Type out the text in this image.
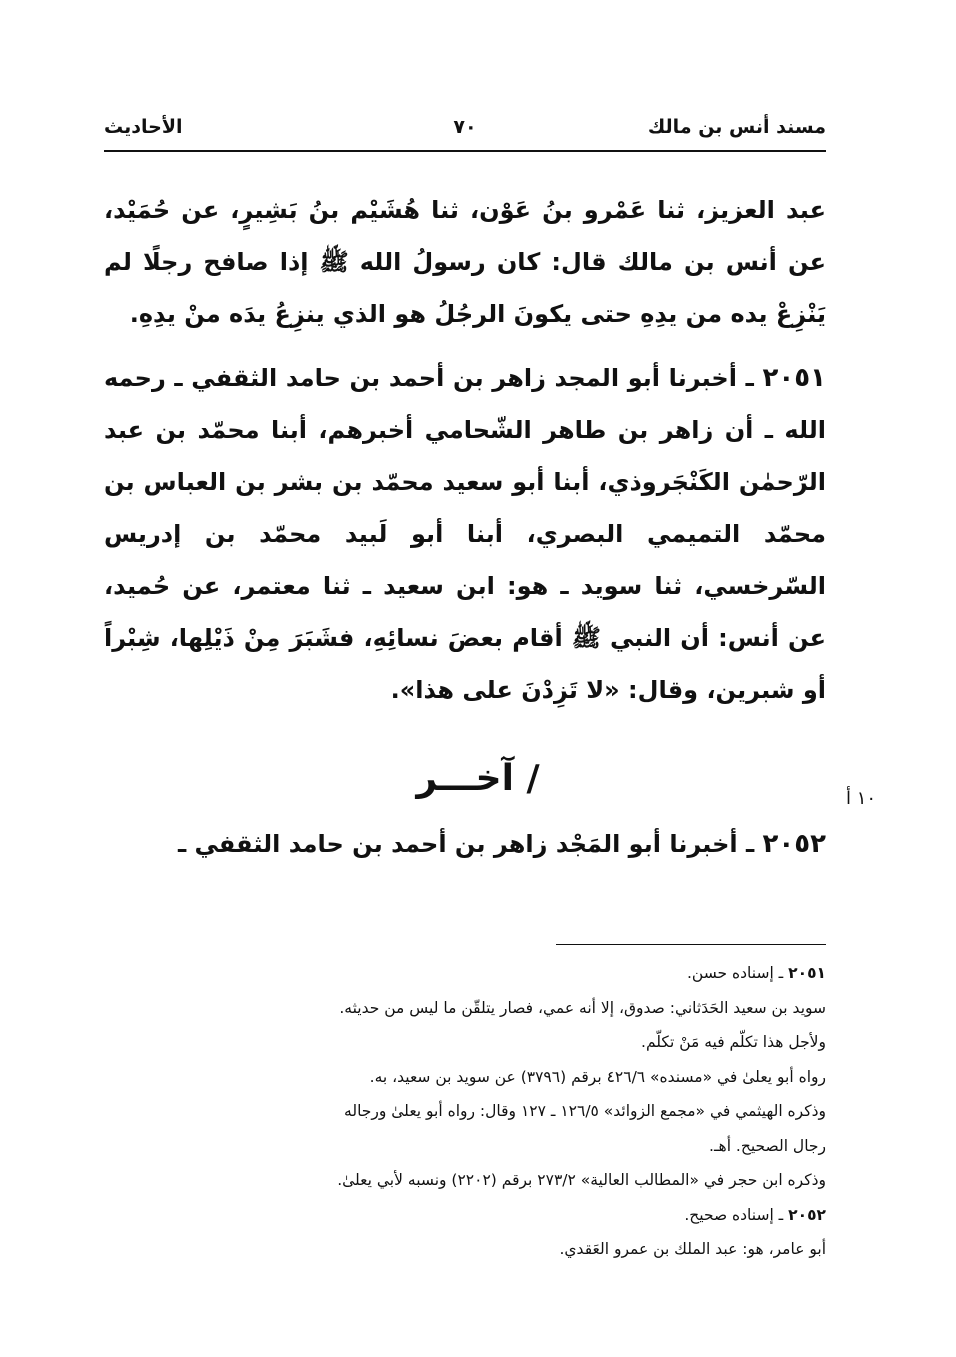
مسند أنس بن مالك
٧٠
الأحاديث
عبد العزيز، ثنا عَمْرو بنُ عَوْن، ثنا هُشَيْم بنُ بَشِيرٍ، عن حُمَيْد، عن أنس بن مالك قال: كان رسولُ الله ﷺ إذا صافح رجلًا لم يَنْزِعْ يده من يدِهِ حتى يكونَ الرجُلُ هو الذي ينزِعُ يدَه منْ يدِهِ.
٢٠٥١ ـ أخبرنا أبو المجد زاهر بن أحمد بن حامد الثقفي ـ رحمه الله ـ أن زاهر بن طاهر الشّحامي أخبرهم، أبنا محمّد بن عبد الرّحمٰن الكَنْجَروذي، أبنا أبو سعيد محمّد بن بشر بن العباس بن محمّد التميمي البصري، أبنا أبو لَبيد محمّد بن إدريس السّرخسي، ثنا سويد ـ هو: ابن سعيد ـ ثنا معتمر، عن حُميد، عن أنس: أن النبي ﷺ أقام بعضَ نسائِهِ، فشَبَرَ مِنْ ذَيْلِها، شِبْراً أو شبرين، وقال: «لا تَزِدْنَ على هذا».
/ آخـــر	١٠ أ
٢٠٥٢ ـ أخبرنا أبو المَجْد زاهر بن أحمد بن حامد الثقفي ـ
٢٠٥١ ـ إسناده حسن.
سويد بن سعيد الحَدَثاني: صدوق، إلا أنه عمي، فصار يتلقّن ما ليس من حديثه.
ولأجل هذا تكلّم فيه مَنْ تكلّم.
رواه أبو يعلىٰ في «مسنده» ٤٢٦/٦ برقم (٣٧٩٦) عن سويد بن سعيد، به.
وذكره الهيثمي في «مجمع الزوائد» ١٢٦/٥ ـ ١٢٧ وقال: رواه أبو يعلىٰ ورجاله
رجال الصحيح. أهـ.
وذكره ابن حجر في «المطالب العالية» ٢٧٣/٢ برقم (٢٢٠٢) ونسبه لأبي يعلىٰ.
٢٠٥٢ ـ إسناده صحيح.
أبو عامر، هو: عبد الملك بن عمرو العَقدي.
